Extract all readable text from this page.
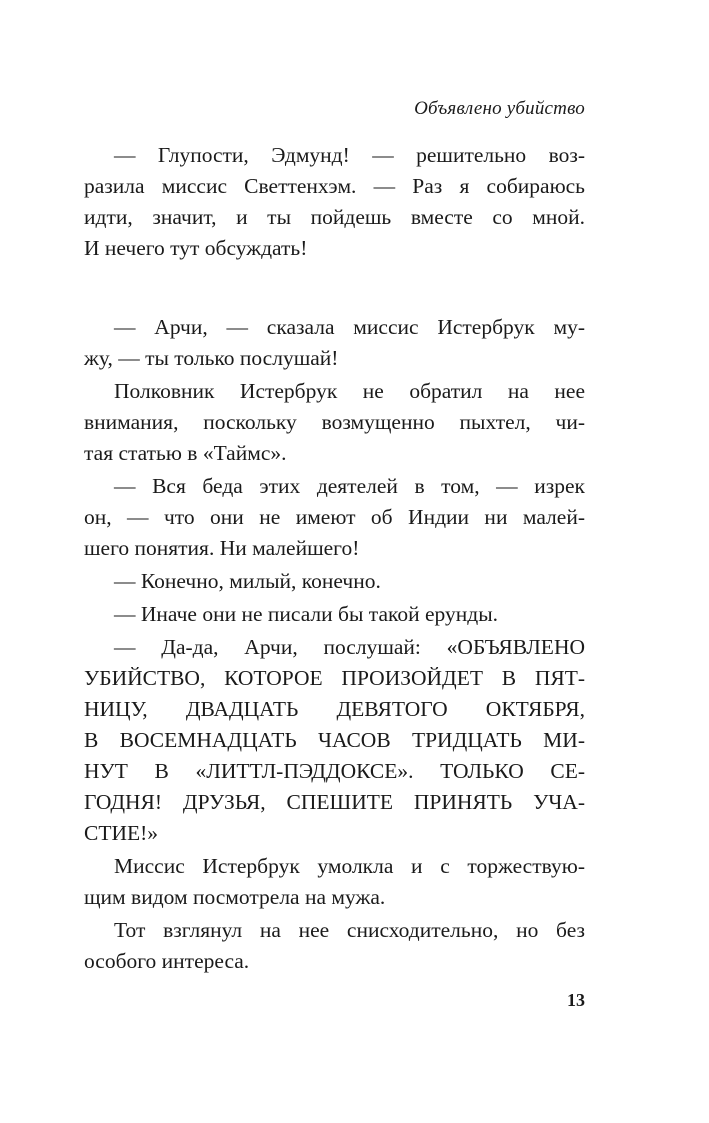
Объявлено убийство
— Глупости, Эдмунд! — решительно воз-
разила миссис Светтенхэм. — Раз я собираюсь
идти, значит, и ты пойдешь вместе со мной.
И нечего тут обсуждать!
— Арчи, — сказала миссис Истербрук му-
жу, — ты только послушай!
Полковник Истербрук не обратил на нее
внимания, поскольку возмущенно пыхтел, чи-
тая статью в «Таймс».
— Вся беда этих деятелей в том, — изрек
он, — что они не имеют об Индии ни малей-
шего понятия. Ни малейшего!
— Конечно, милый, конечно.
— Иначе они не писали бы такой ерунды.
— Да-да, Арчи, послушай: «ОБЪЯВЛЕНО
УБИЙСТВО, КОТОРОЕ ПРОИЗОЙДЕТ В ПЯТ-
НИЦУ, ДВАДЦАТЬ ДЕВЯТОГО ОКТЯБРЯ,
В ВОСЕМНАДЦАТЬ ЧАСОВ ТРИДЦАТЬ МИ-
НУТ В «ЛИТТЛ-ПЭДДОКСЕ». ТОЛЬКО СЕ-
ГОДНЯ! ДРУЗЬЯ, СПЕШИТЕ ПРИНЯТЬ УЧА-
СТИЕ!»
Миссис Истербрук умолкла и с торжествую-
щим видом посмотрела на мужа.
Тот взглянул на нее снисходительно, но без
особого интереса.
13
